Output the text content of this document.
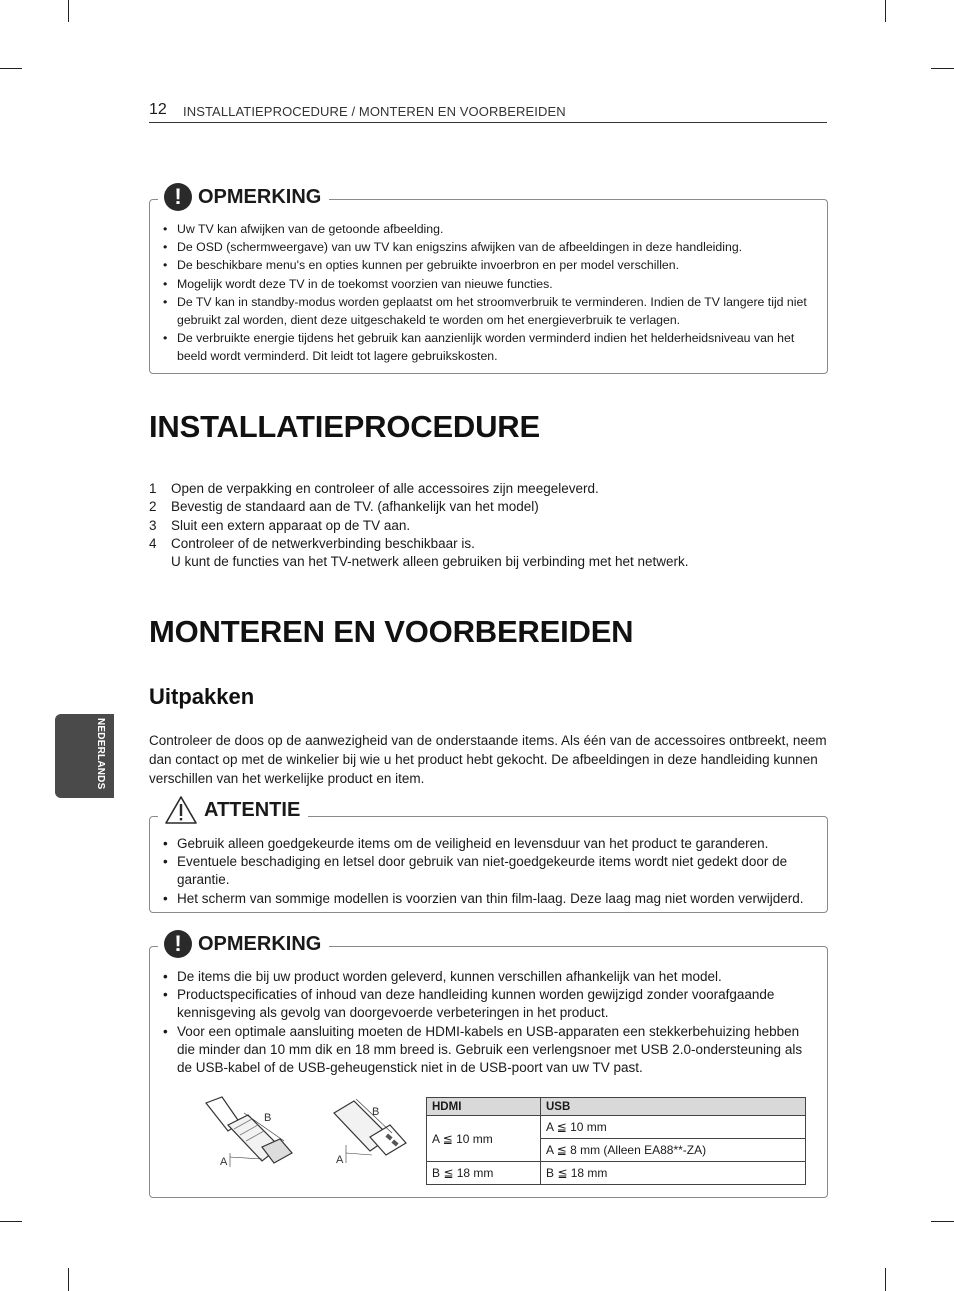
12 INSTALLATIEPROCEDURE / MONTEREN EN VOORBEREIDEN
• Uw TV kan afwijken van de getoonde afbeelding.
• De OSD (schermweergave) van uw TV kan enigszins afwijken van de afbeeldingen in deze handleiding.
• De beschikbare menu's en opties kunnen per gebruikte invoerbron en per model verschillen.
• Mogelijk wordt deze TV in de toekomst voorzien van nieuwe functies.
• De TV kan in standby-modus worden geplaatst om het stroomverbruik te verminderen. Indien de TV langere tijd niet gebruikt zal worden, dient deze uitgeschakeld te worden om het energieverbruik te verlagen.
• De verbruikte energie tijdens het gebruik kan aanzienlijk worden verminderd indien het helderheidsniveau van het beeld wordt verminderd. Dit leidt tot lagere gebruikskosten.
! OPMERKING
INSTALLATIEPROCEDURE
1 Open de verpakking en controleer of alle accessoires zijn meegeleverd.
2 Bevestig de standaard aan de TV. (afhankelijk van het model)
3 Sluit een extern apparaat op de TV aan.
4 Controleer of de netwerkverbinding beschikbaar is.
U kunt de functies van het TV-netwerk alleen gebruiken bij verbinding met het netwerk.
MONTEREN EN VOORBEREIDEN
Uitpakken
Controleer de doos op de aanwezigheid van de onderstaande items. Als één van de accessoires ontbreekt, neem dan contact op met de winkelier bij wie u het product hebt gekocht. De afbeeldingen in deze handleiding kunnen verschillen van het werkelijke product en item.
• Gebruik alleen goedgekeurde items om de veiligheid en levensduur van het product te garanderen.
• Eventuele beschadiging en letsel door gebruik van niet-goedgekeurde items wordt niet gedekt door de garantie.
• Het scherm van sommige modellen is voorzien van thin film-laag. Deze laag mag niet worden verwijderd.
ATTENTIE
• De items die bij uw product worden geleverd, kunnen verschillen afhankelijk van het model.
• Productspecificaties of inhoud van deze handleiding kunnen worden gewijzigd zonder voorafgaande kennisgeving als gevolg van doorgevoerde verbeteringen in het product.
• Voor een optimale aansluiting moeten de HDMI-kabels en USB-apparaten een stekkerbehuizing hebben die minder dan 10 mm dik en 18 mm breed is. Gebruik een verlengsnoer met USB 2.0-ondersteuning als de USB-kabel of de USB-geheugenstick niet in de USB-poort van uw TV past.
! OPMERKING
B
A
B
A
HDMI	USB
A ≦ 10 mm	A ≦ 10 mm
	A ≦ 8 mm (Alleen EA88**-ZA)
B ≦ 18 mm	B ≦ 18 mm
NEDERLANDS
